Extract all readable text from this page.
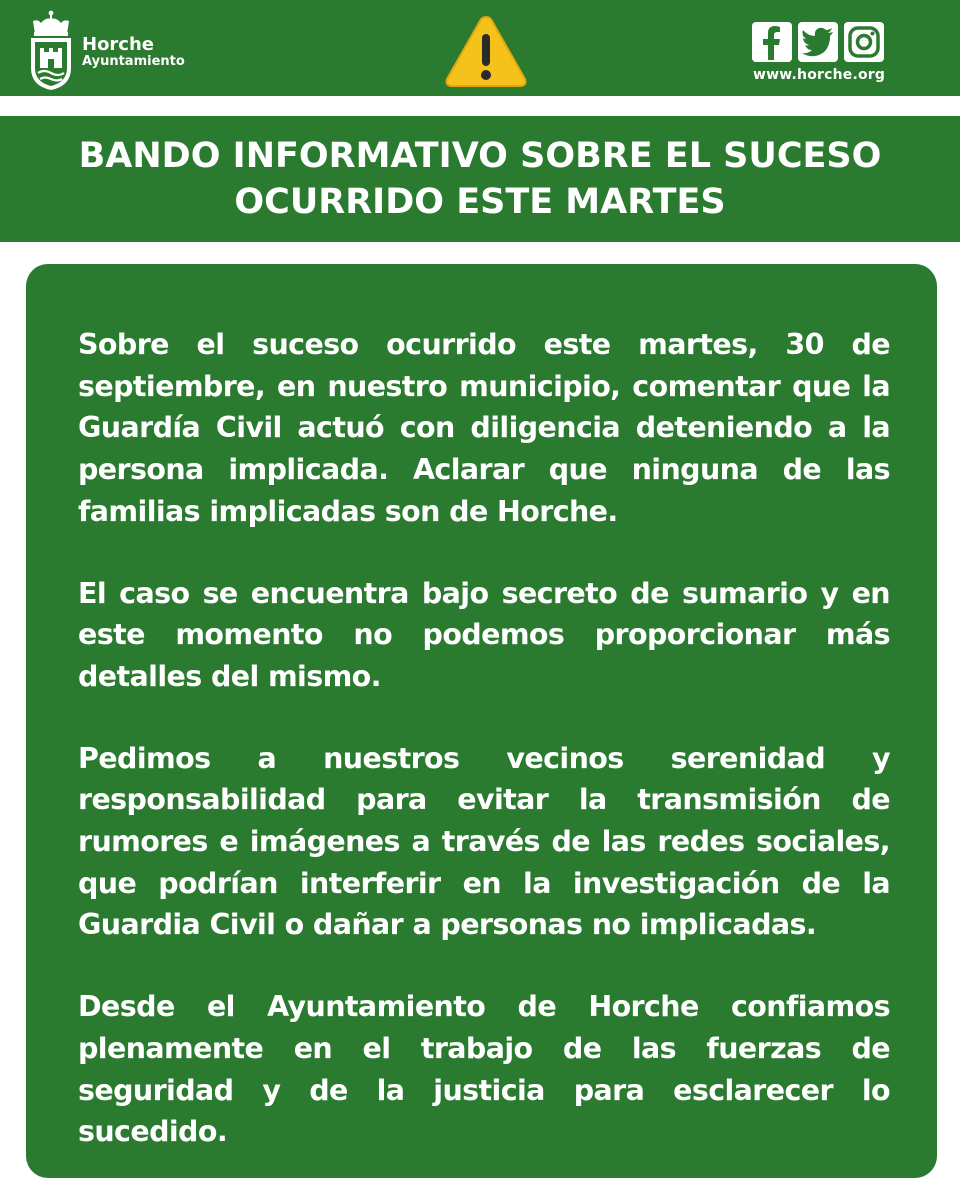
Horche
Ayuntamiento
www.horche.org
BANDO INFORMATIVO SOBRE EL SUCESO
OCURRIDO ESTE MARTES

Sobre el suceso ocurrido este martes, 30 de septiembre, en nuestro municipio, comentar que la Guardía Civil actuó con diligencia deteniendo a la persona implicada. Aclarar que ninguna de las familias implicadas son de Horche.

El caso se encuentra bajo secreto de sumario y en este momento no podemos proporcionar más detalles del mismo.

Pedimos a nuestros vecinos serenidad y responsabilidad para evitar la transmisión de rumores e imágenes a través de las redes sociales, que podrían interferir en la investigación de la Guardia Civil o dañar a personas no implicadas.

Desde el Ayuntamiento de Horche confiamos plenamente en el trabajo de las fuerzas de seguridad y de la justicia para esclarecer lo sucedido.
